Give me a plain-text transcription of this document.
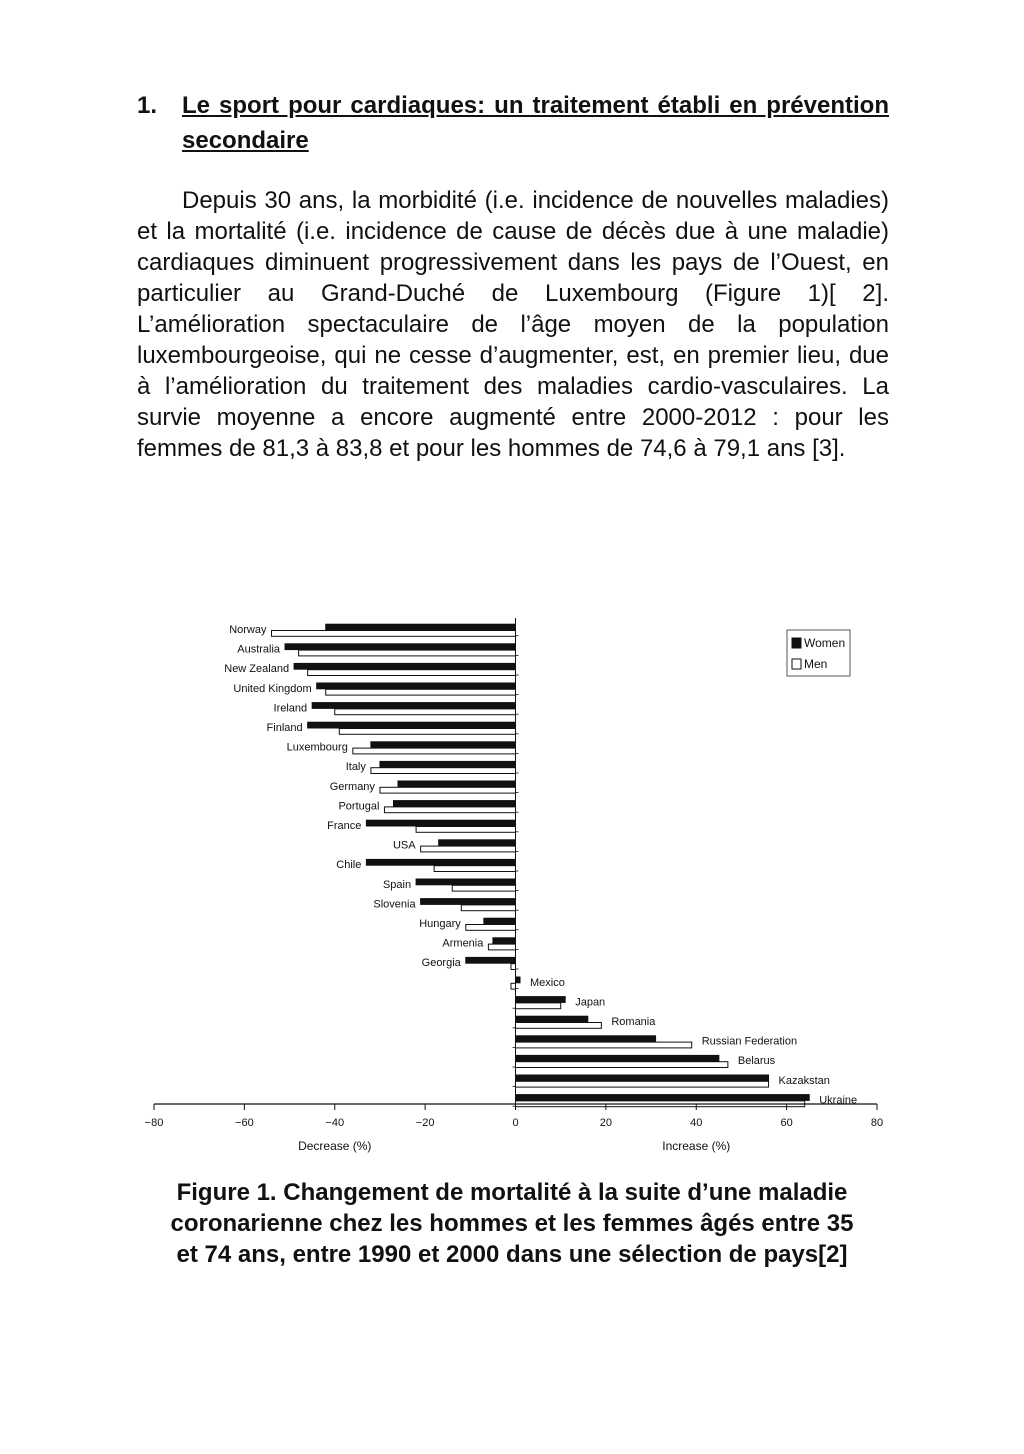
1. Le sport pour cardiaques: un traitement établi en prévention secondaire

Depuis 30 ans, la morbidité (i.e. incidence de nouvelles maladies) et la mortalité (i.e. incidence de cause de décès due à une maladie) cardiaques diminuent progressivement dans les pays de l’Ouest, en particulier au Grand-Duché de Luxembourg (Figure 1)[ 2]. L’amélioration spectaculaire de l’âge moyen de la population luxembourgeoise, qui ne cesse d’augmenter, est, en premier lieu, due à l’amélioration du traitement des maladies cardio-vasculaires. La survie moyenne a encore augmenté entre 2000-2012 : pour les femmes de 81,3 à 83,8 et pour les hommes de 74,6 à 79,1 ans [3].

Norway
Australia
New Zealand
United Kingdom
Ireland
Finland
Luxembourg
Italy
Germany
Portugal
France
USA
Chile
Spain
Slovenia
Hungary
Armenia
Georgia
Mexico
Japan
Romania
Russian Federation
Belarus
Kazakstan
Ukraine
−80	−60	−40	−20	0	20	40	60	80
Decrease (%)	Increase (%)
Women
Men
Figure 1. Changement de mortalité à la suite d’une maladie coronarienne chez les hommes et les femmes âgés entre 35 et 74 ans, entre 1990 et 2000 dans une sélection de pays[2]
